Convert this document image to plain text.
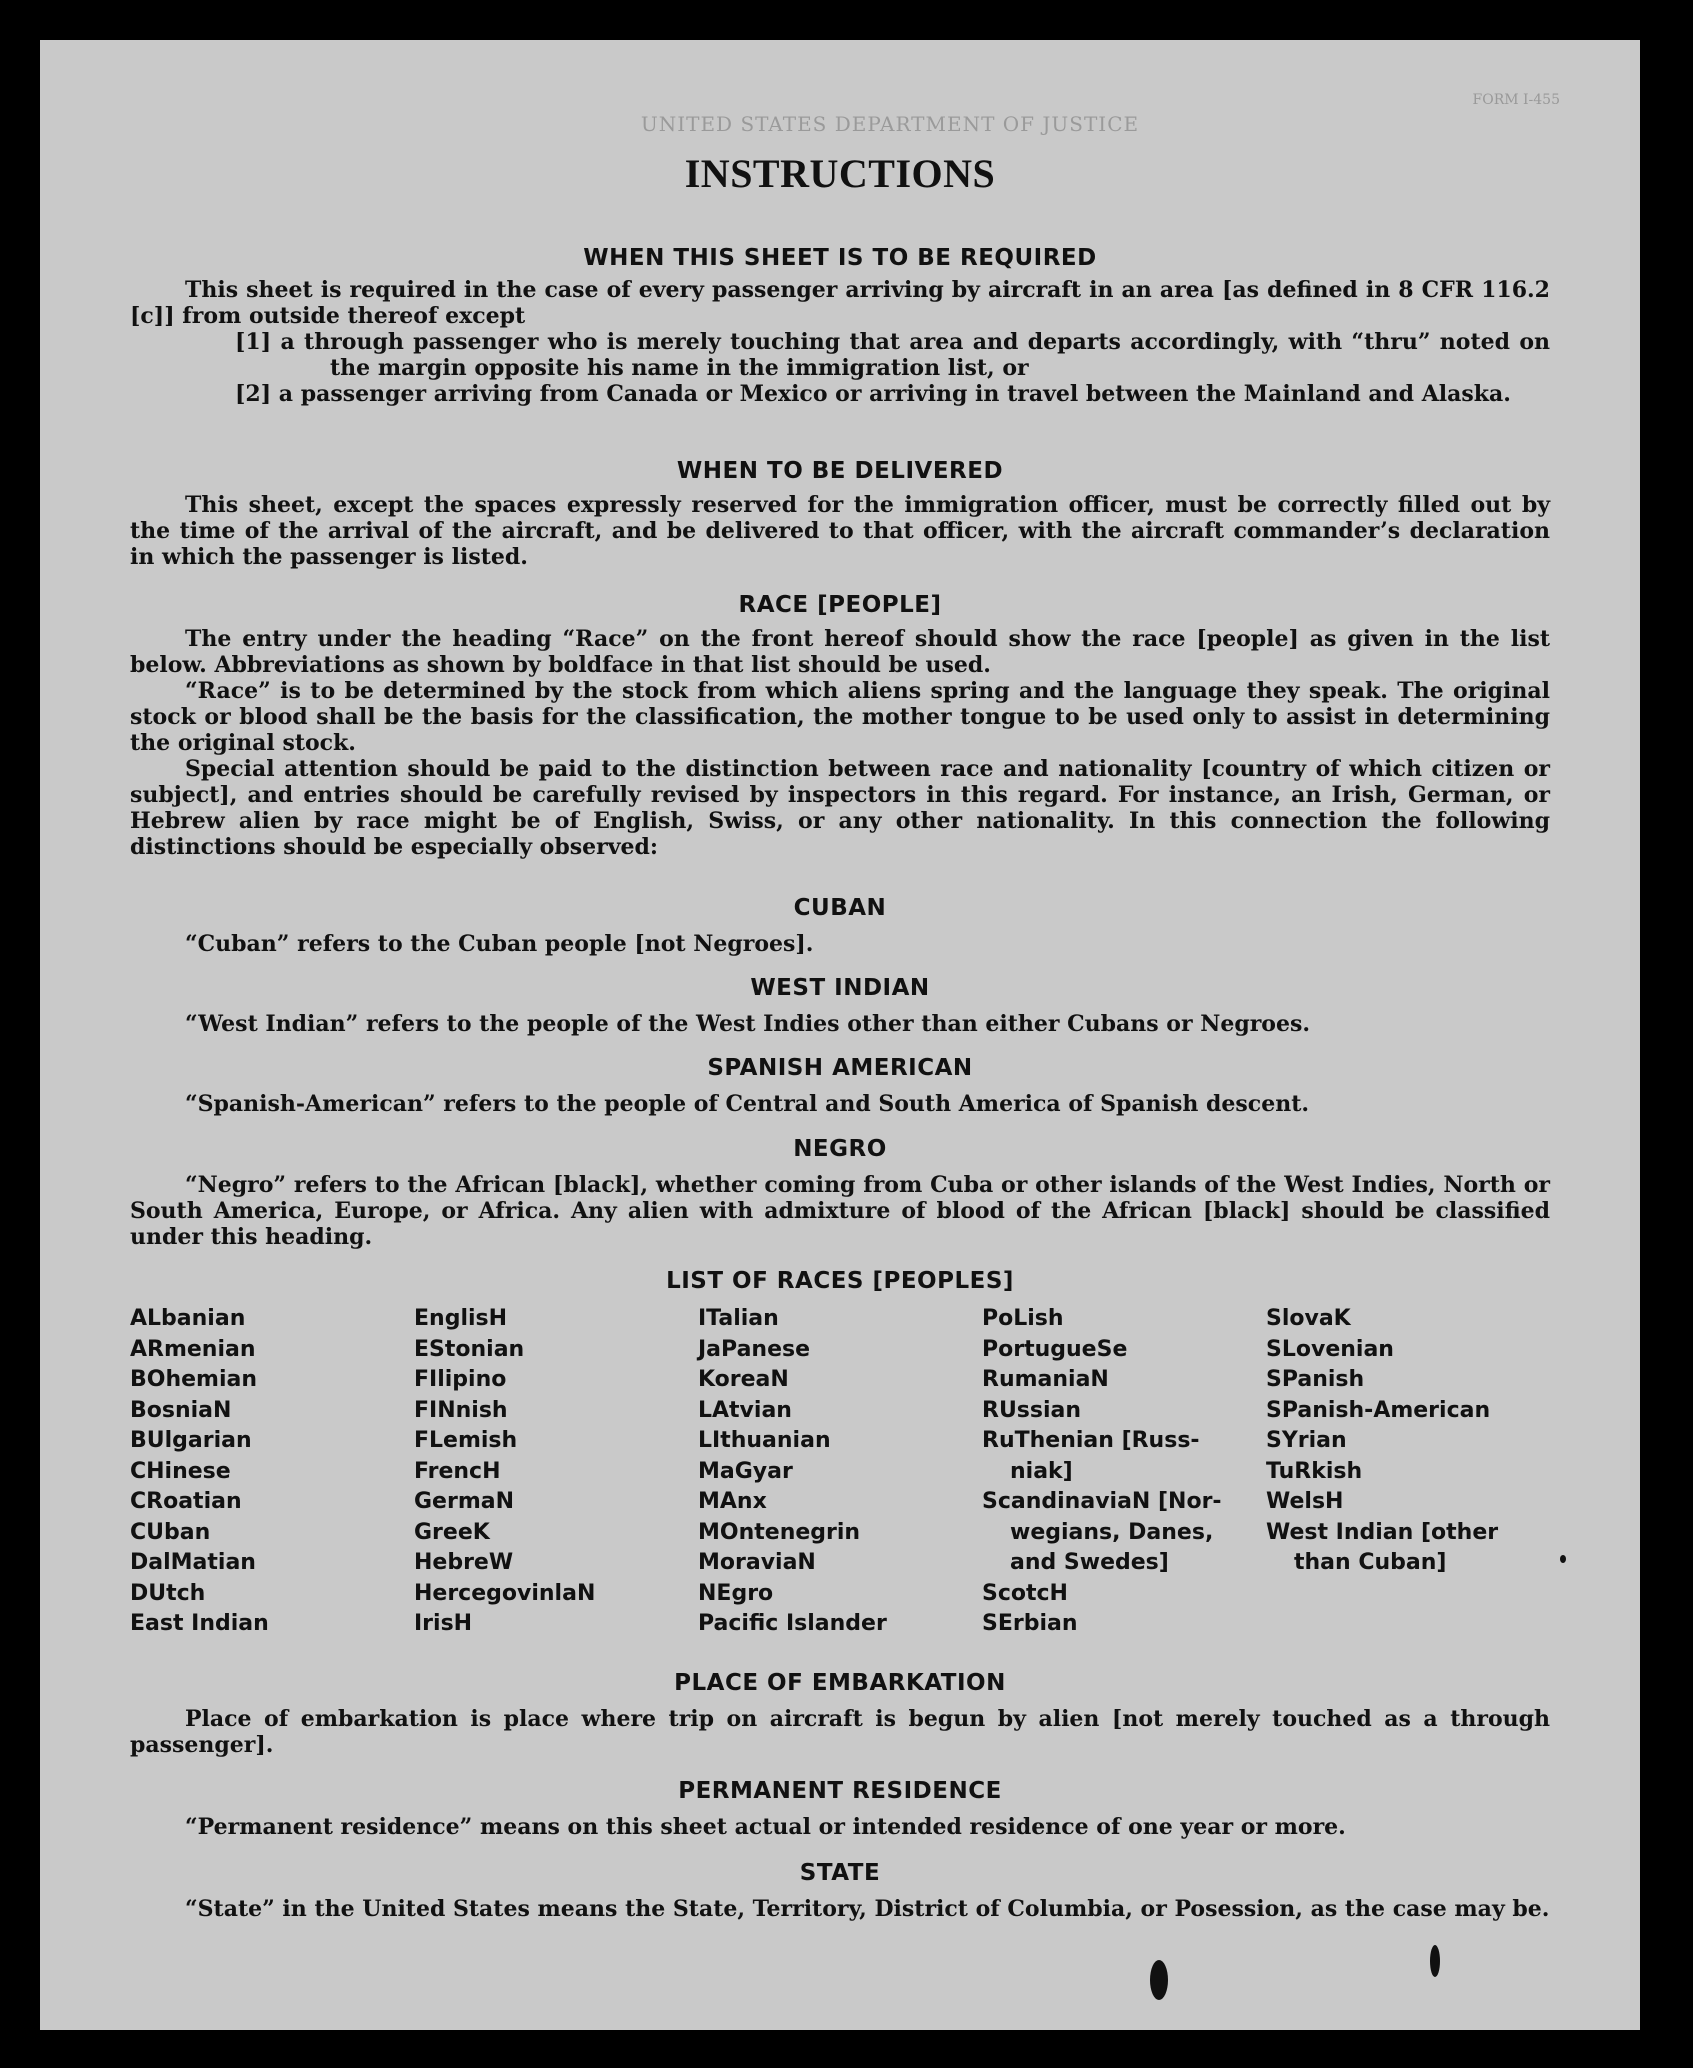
FORM I-455
UNITED STATES DEPARTMENT OF JUSTICE
INSTRUCTIONS

WHEN THIS SHEET IS TO BE REQUIRED

This sheet is required in the case of every passenger arriving by aircraft in an area [as defined in 8 CFR 116.2 [c]] from outside thereof except

[1] a through passenger who is merely touching that area and departs accordingly, with “thru” noted on the margin opposite his name in the immigration list, or

[2] a passenger arriving from Canada or Mexico or arriving in travel between the Mainland and Alaska.

WHEN TO BE DELIVERED

This sheet, except the spaces expressly reserved for the immigration officer, must be correctly filled out by the time of the arrival of the aircraft, and be delivered to that officer, with the aircraft commander’s declaration in which the passenger is listed.

RACE [PEOPLE]

The entry under the heading “Race” on the front hereof should show the race [people] as given in the list below. Abbreviations as shown by boldface in that list should be used.

“Race” is to be determined by the stock from which aliens spring and the language they speak. The original stock or blood shall be the basis for the classification, the mother tongue to be used only to assist in determining the original stock.

Special attention should be paid to the distinction between race and nationality [country of which citizen or subject], and entries should be carefully revised by inspectors in this regard. For instance, an Irish, German, or Hebrew alien by race might be of English, Swiss, or any other nationality. In this connection the following distinctions should be especially observed:

CUBAN

“Cuban” refers to the Cuban people [not Negroes].

WEST INDIAN

“West Indian” refers to the people of the West Indies other than either Cubans or Negroes.

SPANISH AMERICAN

“Spanish-American” refers to the people of Central and South America of Spanish descent.

NEGRO

“Negro” refers to the African [black], whether coming from Cuba or other islands of the West Indies, North or South America, Europe, or Africa. Any alien with admixture of blood of the African [black] should be classified under this heading.

LIST OF RACES [PEOPLES]

ALbanian
ARmenian
BOhemian
BosniaN
BUlgarian
CHinese
CRoatian
CUban
DalMatian
DUtch
East Indian
EnglisH
EStonian
FIlipino
FINnish
FLemish
FrencH
GermaN
GreeK
HebreW
HercegovinlaN
IrisH
ITalian
JaPanese
KoreaN
LAtvian
LIthuanian
MaGyar
MAnx
MOntenegrin
MoraviaN
NEgro
Pacific Islander
PoLish
PortugueSe
RumaniaN
RUssian
RuThenian [Russ-
niak]
ScandinaviaN [Nor-
wegians, Danes,
and Swedes]
ScotcH
SErbian
SlovaK
SLovenian
SPanish
SPanish-American
SYrian
TuRkish
WelsH
West Indian [other
than Cuban]

PLACE OF EMBARKATION

Place of embarkation is place where trip on aircraft is begun by alien [not merely touched as a through passenger].

PERMANENT RESIDENCE

“Permanent residence” means on this sheet actual or intended residence of one year or more.

STATE

“State” in the United States means the State, Territory, District of Columbia, or Posession, as the case may be.
